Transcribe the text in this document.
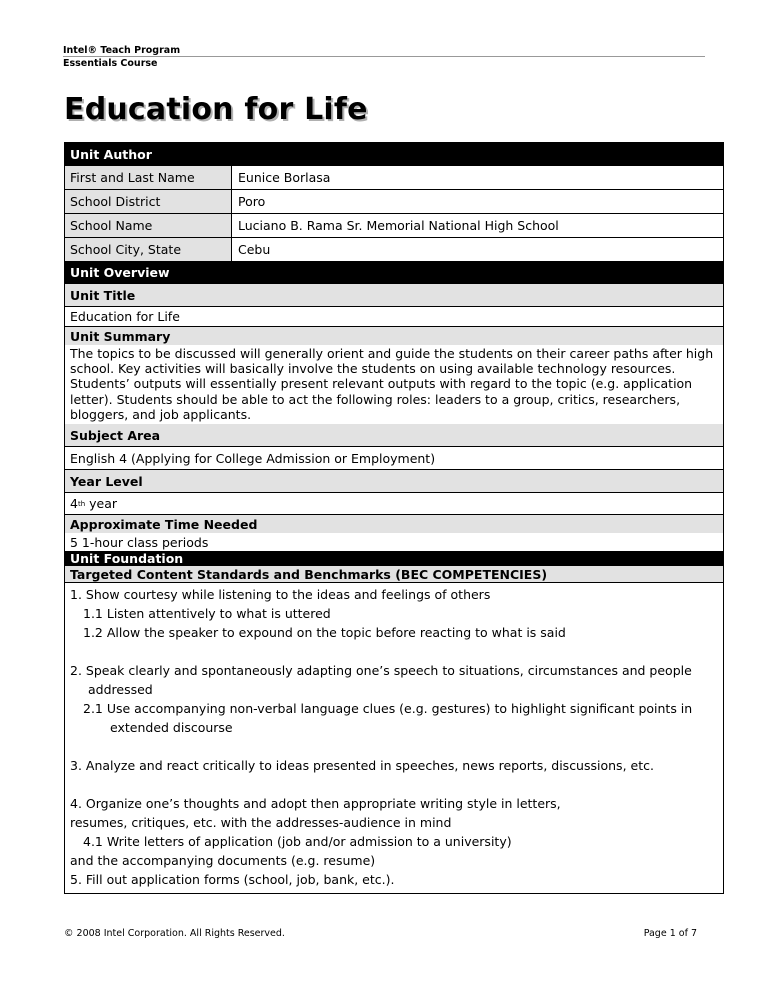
Intel® Teach Program
Essentials Course
Education for Life
Unit Author
First and Last Name	Eunice Borlasa
School District	Poro
School Name	Luciano B. Rama Sr. Memorial National High School
School City, State	Cebu
Unit Overview
Unit Title
Education for Life
Unit Summary
The topics to be discussed will generally orient and guide the students on their career paths after high school. Key activities will basically involve the students on using available technology resources. Students’ outputs will essentially present relevant outputs with regard to the topic (e.g. application letter). Students should be able to act the following roles: leaders to a group, critics, researchers, bloggers, and job applicants.
Subject Area
English 4 (Applying for College Admission or Employment)
Year Level
4 th
year
Approximate Time Needed
5 1-hour class periods
Unit Foundation
Targeted Content Standards and Benchmarks (BEC COMPETENCIES)
1. Show courtesy while listening to the ideas and feelings of others
1.1 Listen attentively to what is uttered
1.2 Allow the speaker to expound on the topic before reacting to what is said
2. Speak clearly and spontaneously adapting one’s speech to situations, circumstances and people
addressed
2.1 Use accompanying non-verbal language clues (e.g. gestures) to highlight significant points in
extended discourse
3. Analyze and react critically to ideas presented in speeches, news reports, discussions, etc.
4. Organize one’s thoughts and adopt then appropriate writing style in letters,
resumes, critiques, etc. with the addresses-audience in mind
4.1 Write letters of application (job and/or admission to a university)
and the accompanying documents (e.g. resume)
5. Fill out application forms (school, job, bank, etc.).
© 2008 Intel Corporation. All Rights Reserved.	Page 1 of 7
